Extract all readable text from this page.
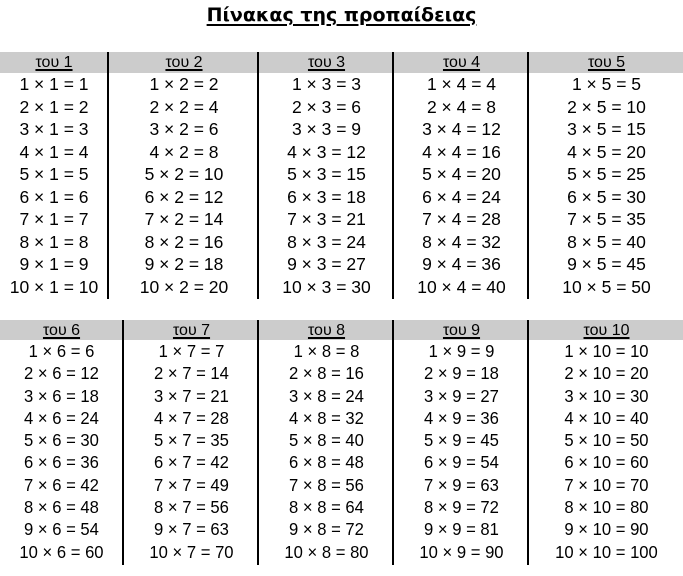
Πίνακας της προπαίδειας
του 1
1 × 1 = 1
2 × 1 = 2
3 × 1 = 3
4 × 1 = 4
5 × 1 = 5
6 × 1 = 6
7 × 1 = 7
8 × 1 = 8
9 × 1 = 9
10 × 1 = 10
του 2
1 × 2 = 2
2 × 2 = 4
3 × 2 = 6
4 × 2 = 8
5 × 2 = 10
6 × 2 = 12
7 × 2 = 14
8 × 2 = 16
9 × 2 = 18
10 × 2 = 20
του 3
1 × 3 = 3
2 × 3 = 6
3 × 3 = 9
4 × 3 = 12
5 × 3 = 15
6 × 3 = 18
7 × 3 = 21
8 × 3 = 24
9 × 3 = 27
10 × 3 = 30
του 4
1 × 4 = 4
2 × 4 = 8
3 × 4 = 12
4 × 4 = 16
5 × 4 = 20
6 × 4 = 24
7 × 4 = 28
8 × 4 = 32
9 × 4 = 36
10 × 4 = 40
του 5
1 × 5 = 5
2 × 5 = 10
3 × 5 = 15
4 × 5 = 20
5 × 5 = 25
6 × 5 = 30
7 × 5 = 35
8 × 5 = 40
9 × 5 = 45
10 × 5 = 50
του 6
1 × 6 = 6
2 × 6 = 12
3 × 6 = 18
4 × 6 = 24
5 × 6 = 30
6 × 6 = 36
7 × 6 = 42
8 × 6 = 48
9 × 6 = 54
10 × 6 = 60
του 7
1 × 7 = 7
2 × 7 = 14
3 × 7 = 21
4 × 7 = 28
5 × 7 = 35
6 × 7 = 42
7 × 7 = 49
8 × 7 = 56
9 × 7 = 63
10 × 7 = 70
του 8
1 × 8 = 8
2 × 8 = 16
3 × 8 = 24
4 × 8 = 32
5 × 8 = 40
6 × 8 = 48
7 × 8 = 56
8 × 8 = 64
9 × 8 = 72
10 × 8 = 80
του 9
1 × 9 = 9
2 × 9 = 18
3 × 9 = 27
4 × 9 = 36
5 × 9 = 45
6 × 9 = 54
7 × 9 = 63
8 × 9 = 72
9 × 9 = 81
10 × 9 = 90
του 10
1 × 10 = 10
2 × 10 = 20
3 × 10 = 30
4 × 10 = 40
5 × 10 = 50
6 × 10 = 60
7 × 10 = 70
8 × 10 = 80
9 × 10 = 90
10 × 10 = 100
